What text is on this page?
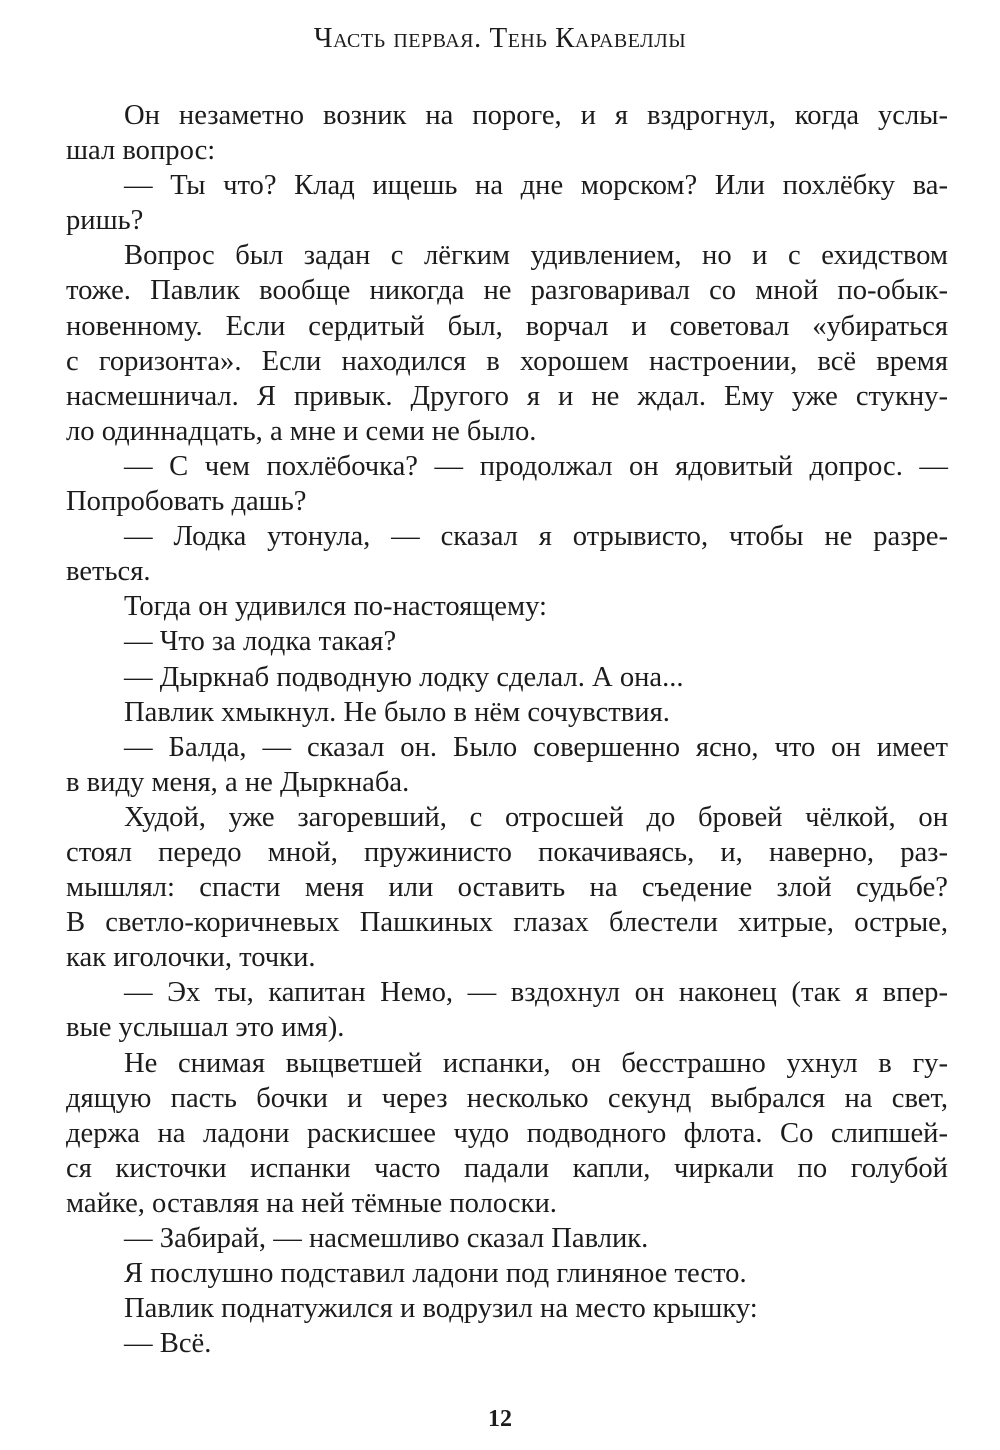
Часть первая. Тень Каравеллы
Он незаметно возник на пороге, и я вздрогнул, когда услы-
шал вопрос:
— Ты что? Клад ищешь на дне морском? Или похлёбку ва-
ришь?
Вопрос был задан с лёгким удивлением, но и с ехидством
тоже. Павлик вообще никогда не разговаривал со мной по-обык-
новенному. Если сердитый был, ворчал и советовал «убираться
с горизонта». Если находился в хорошем настроении, всё время
насмешничал. Я привык. Другого я и не ждал. Ему уже стукну-
ло одиннадцать, а мне и семи не было.
— С чем похлёбочка? — продолжал он ядовитый допрос. —
Попробовать дашь?
— Лодка утонула, — сказал я отрывисто, чтобы не разре-
веться.
Тогда он удивился по-настоящему:
— Что за лодка такая?
— Дыркнаб подводную лодку сделал. А она...
Павлик хмыкнул. Не было в нём сочувствия.
— Балда, — сказал он. Было совершенно ясно, что он имеет
в виду меня, а не Дыркнаба.
Худой, уже загоревший, с отросшей до бровей чёлкой, он
стоял передо мной, пружинисто покачиваясь, и, наверно, раз-
мышлял: спасти меня или оставить на съедение злой судьбе?
В светло-коричневых Пашкиных глазах блестели хитрые, острые,
как иголочки, точки.
— Эх ты, капитан Немо, — вздохнул он наконец (так я впер-
вые услышал это имя).
Не снимая выцветшей испанки, он бесстрашно ухнул в гу-
дящую пасть бочки и через несколько секунд выбрался на свет,
держа на ладони раскисшее чудо подводного флота. Со слипшей-
ся кисточки испанки часто падали капли, чиркали по голубой
майке, оставляя на ней тёмные полоски.
— Забирай, — насмешливо сказал Павлик.
Я послушно подставил ладони под глиняное тесто.
Павлик поднатужился и водрузил на место крышку:
— Всё.
12
